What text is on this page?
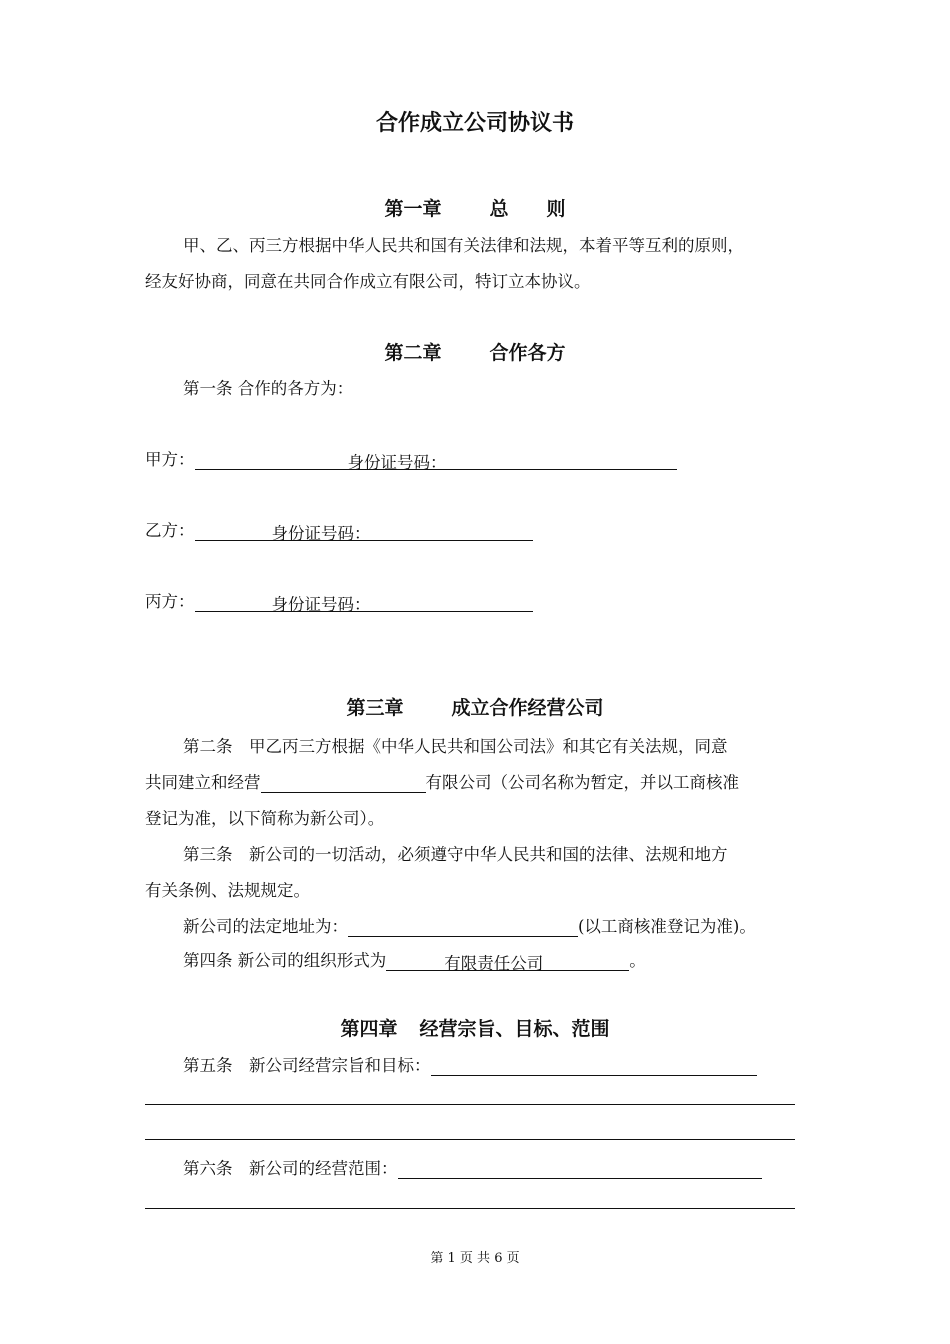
合作成立公司协议书
第一章	总　　则
甲、乙、丙三方根据中华人民共和国有关法律和法规，本着平等互利的原则，
经友好协商，同意在共同合作成立有限公司，特订立本协议。
第二章	合作各方
第一条 合作的各方为：
甲方：	身份证号码：
乙方：	身份证号码：
丙方：	身份证号码：
第三章	成立合作经营公司
第二条　甲乙丙三方根据《中华人民共和国公司法》和其它有关法规，同意
共同建立和经营	有限公司（公司名称为暂定，并以工商核准
登记为准，以下简称为新公司）。
第三条　新公司的一切活动，必须遵守中华人民共和国的法律、法规和地方
有关条例、法规规定。
新公司的法定地址为：	(以工商核准登记为准)。
第四条 新公司的组织形式为	有限责任公司	。
第四章 经营宗旨、目标、范围
第五条　新公司经营宗旨和目标：
第六条　新公司的经营范围：
第 1 页 共 6 页
